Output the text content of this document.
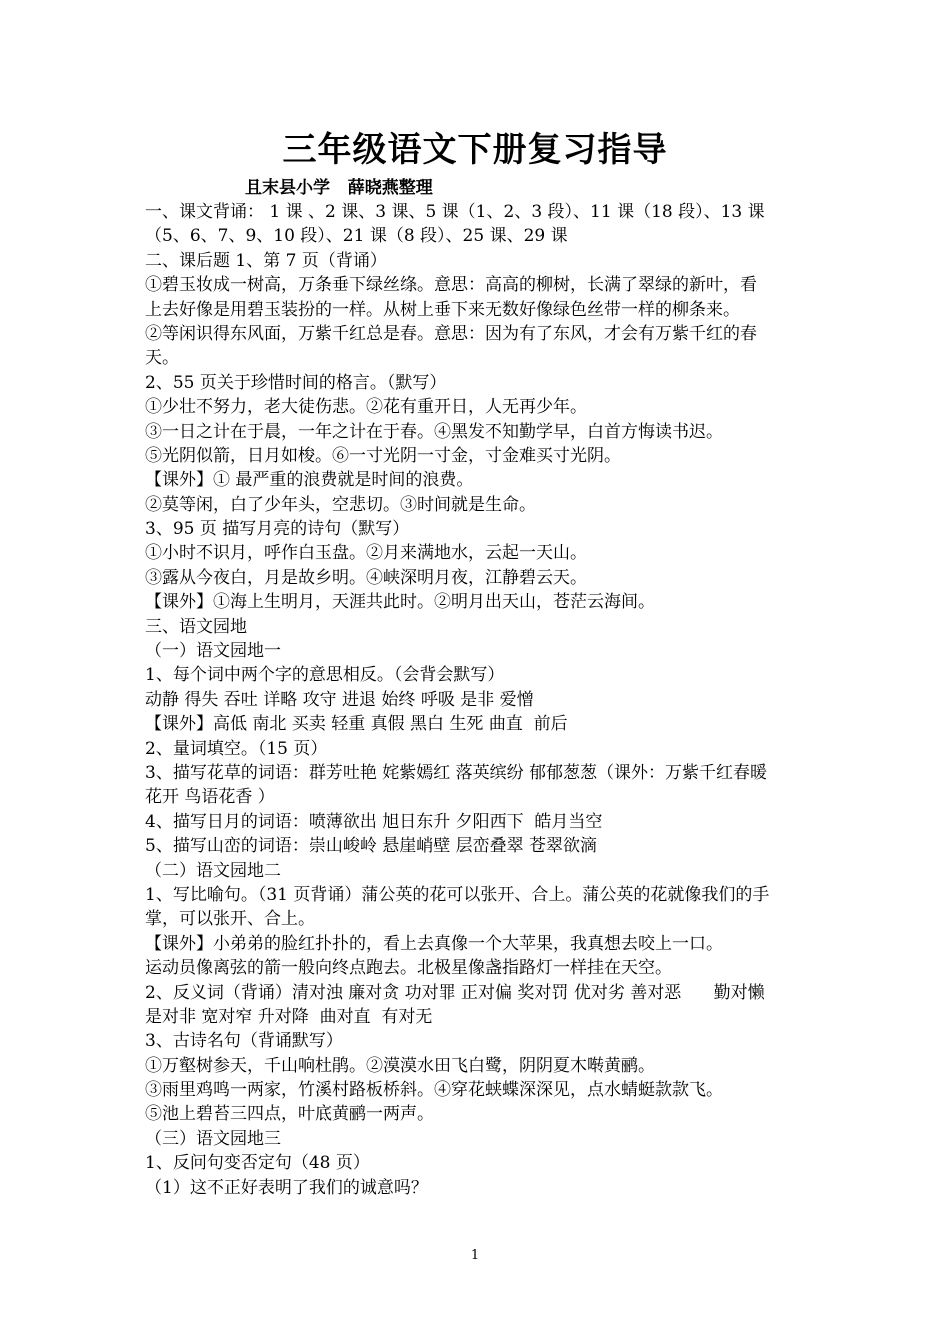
三年级语文下册复习指导
且末县小学   薛晓燕整理
一、课文背诵： 1 课 、2 课、3 课、5 课（1、2、3 段）、11 课（18 段）、13 课
（5、6、7、9、10 段）、21 课（8 段）、25 课、29 课
二、课后题 1、第 7 页（背诵）
①碧玉妆成一树高，万条垂下绿丝绦。意思：高高的柳树，长满了翠绿的新叶，看
上去好像是用碧玉装扮的一样。从树上垂下来无数好像绿色丝带一样的柳条来。
②等闲识得东风面，万紫千红总是春。意思：因为有了东风，才会有万紫千红的春
天。
2、55 页关于珍惜时间的格言。（默写）
①少壮不努力，老大徒伤悲。②花有重开日，人无再少年。
③一日之计在于晨，一年之计在于春。④黑发不知勤学早，白首方悔读书迟。
⑤光阴似箭，日月如梭。⑥一寸光阴一寸金，寸金难买寸光阴。
【课外】① 最严重的浪费就是时间的浪费。
②莫等闲，白了少年头，空悲切。③时间就是生命。
3、95 页 描写月亮的诗句（默写）
①小时不识月，呼作白玉盘。②月来满地水，云起一天山。
③露从今夜白，月是故乡明。④峡深明月夜，江静碧云天。
【课外】①海上生明月，天涯共此时。②明月出天山，苍茫云海间。
三、语文园地
（一）语文园地一
1、每个词中两个字的意思相反。（会背会默写）
动静 得失 吞吐 详略 攻守 进退 始终 呼吸 是非 爱憎
【课外】高低 南北 买卖 轻重 真假 黑白 生死 曲直  前后
2、量词填空。（15 页）
3、描写花草的词语：群芳吐艳 姹紫嫣红 落英缤纷 郁郁葱葱（课外：万紫千红春暖
花开 鸟语花香 ）
4、描写日月的词语：喷薄欲出 旭日东升 夕阳西下  皓月当空
5、描写山峦的词语：崇山峻岭 悬崖峭壁 层峦叠翠 苍翠欲滴
（二）语文园地二
1、写比喻句。（31 页背诵）蒲公英的花可以张开、合上。蒲公英的花就像我们的手
掌，可以张开、合上。
【课外】小弟弟的脸红扑扑的，看上去真像一个大苹果，我真想去咬上一口。
运动员像离弦的箭一般向终点跑去。北极星像盏指路灯一样挂在天空。
2、反义词（背诵）清对浊 廉对贪 功对罪 正对偏 奖对罚 优对劣 善对恶      勤对懒
是对非 宽对窄 升对降  曲对直  有对无
3、古诗名句（背诵默写）
①万壑树参天，千山响杜鹃。②漠漠水田飞白鹭，阴阴夏木啭黄鹂。
③雨里鸡鸣一两家，竹溪村路板桥斜。④穿花蛱蝶深深见，点水蜻蜓款款飞。
⑤池上碧苔三四点，叶底黄鹂一两声。
（三）语文园地三
1、反问句变否定句（48 页）
（1）这不正好表明了我们的诚意吗？
1
